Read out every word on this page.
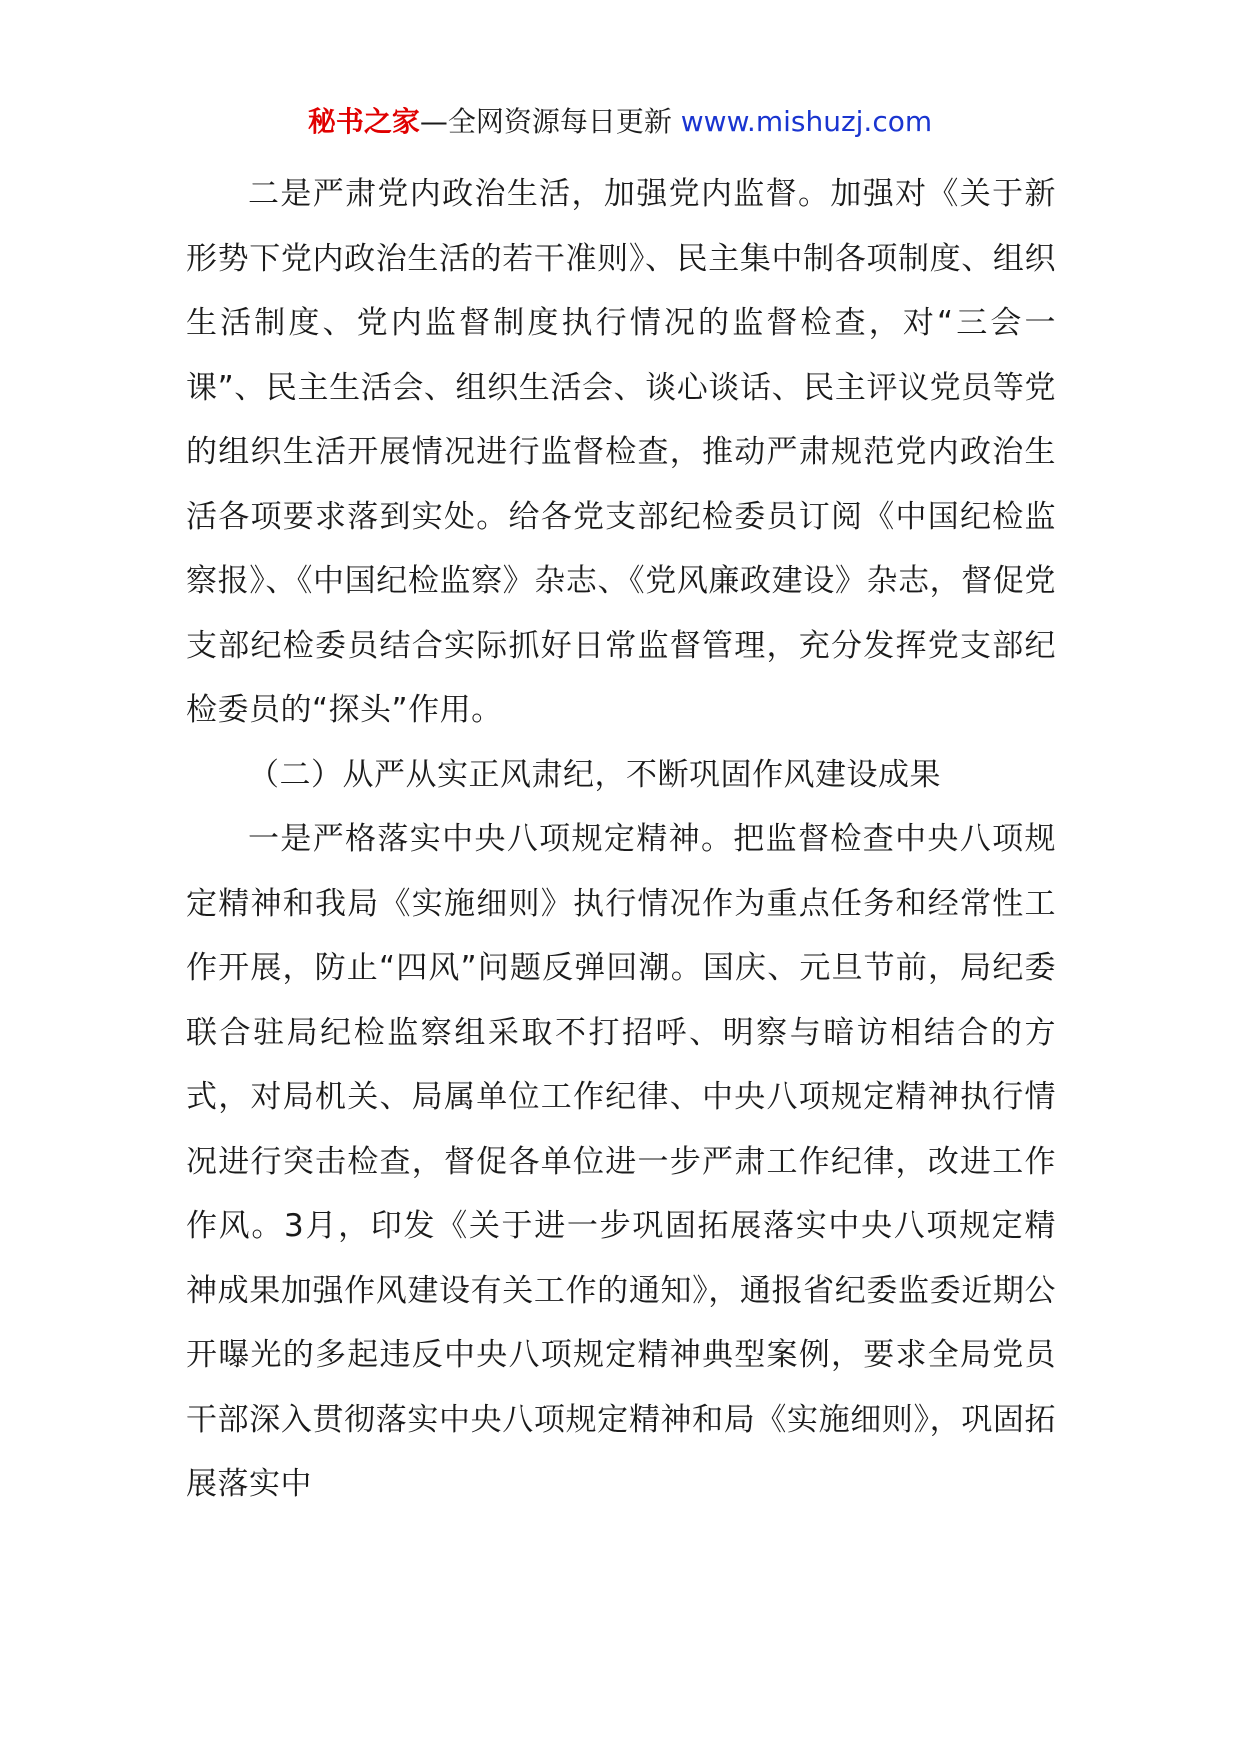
秘书之家—全网资源每日更新 www.mishuzj.com

二是严肃党内政治生活，加强党内监督。加强对《关于新形势下党内政治生活的若干准则》、民主集中制各项制度、组织生活制度、党内监督制度执行情况的监督检查，对“三会一课”、民主生活会、组织生活会、谈心谈话、民主评议党员等党的组织生活开展情况进行监督检查，推动严肃规范党内政治生活各项要求落到实处。给各党支部纪检委员订阅《中国纪检监察报》、《中国纪检监察》杂志、《党风廉政建设》杂志，督促党支部纪检委员结合实际抓好日常监督管理，充分发挥党支部纪检委员的“探头”作用。

（二）从严从实正风肃纪，不断巩固作风建设成果

一是严格落实中央八项规定精神。把监督检查中央八项规定精神和我局《实施细则》执行情况作为重点任务和经常性工作开展，防止“四风”问题反弹回潮。国庆、元旦节前，局纪委联合驻局纪检监察组采取不打招呼、明察与暗访相结合的方式，对局机关、局属单位工作纪律、中央八项规定精神执行情况进行突击检查，督促各单位进一步严肃工作纪律，改进工作作风。3月，印发《关于进一步巩固拓展落实中央八项规定精神成果加强作风建设有关工作的通知》，通报省纪委监委近期公开曝光的多起违反中央八项规定精神典型案例，要求全局党员干部深入贯彻落实中央八项规定精神和局《实施细则》，巩固拓展落实中
